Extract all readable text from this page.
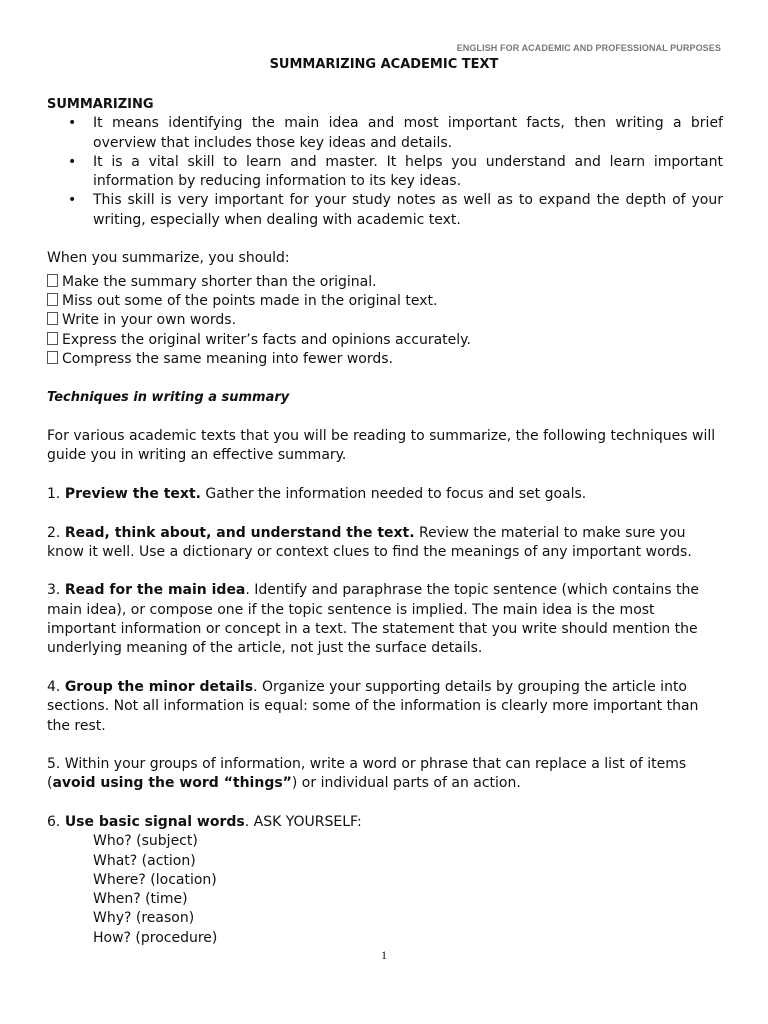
ENGLISH FOR ACADEMIC AND PROFESSIONAL PURPOSES
SUMMARIZING ACADEMIC TEXT
SUMMARIZING
• It means identifying the main idea and most important facts, then writing a brief overview that includes those key ideas and details.
• It is a vital skill to learn and master. It helps you understand and learn important information by reducing information to its key ideas.
• This skill is very important for your study notes as well as to expand the depth of your writing, especially when dealing with academic text.
When you summarize, you should:
Make the summary shorter than the original.
Miss out some of the points made in the original text.
Write in your own words.
Express the original writer’s facts and opinions accurately.
Compress the same meaning into fewer words.
Techniques in writing a summary
For various academic texts that you will be reading to summarize, the following techniques will guide you in writing an effective summary.
1. Preview the text. Gather the information needed to focus and set goals.
2. Read, think about, and understand the text. Review the material to make sure you know it well. Use a dictionary or context clues to find the meanings of any important words.
3. Read for the main idea. Identify and paraphrase the topic sentence (which contains the main idea), or compose one if the topic sentence is implied. The main idea is the most important information or concept in a text. The statement that you write should mention the underlying meaning of the article, not just the surface details.
4. Group the minor details. Organize your supporting details by grouping the article into sections. Not all information is equal: some of the information is clearly more important than the rest.
5. Within your groups of information, write a word or phrase that can replace a list of items (avoid using the word “things”) or individual parts of an action.
6. Use basic signal words. ASK YOURSELF:
Who? (subject)
What? (action)
Where? (location)
When? (time)
Why? (reason)
How? (procedure)
1
